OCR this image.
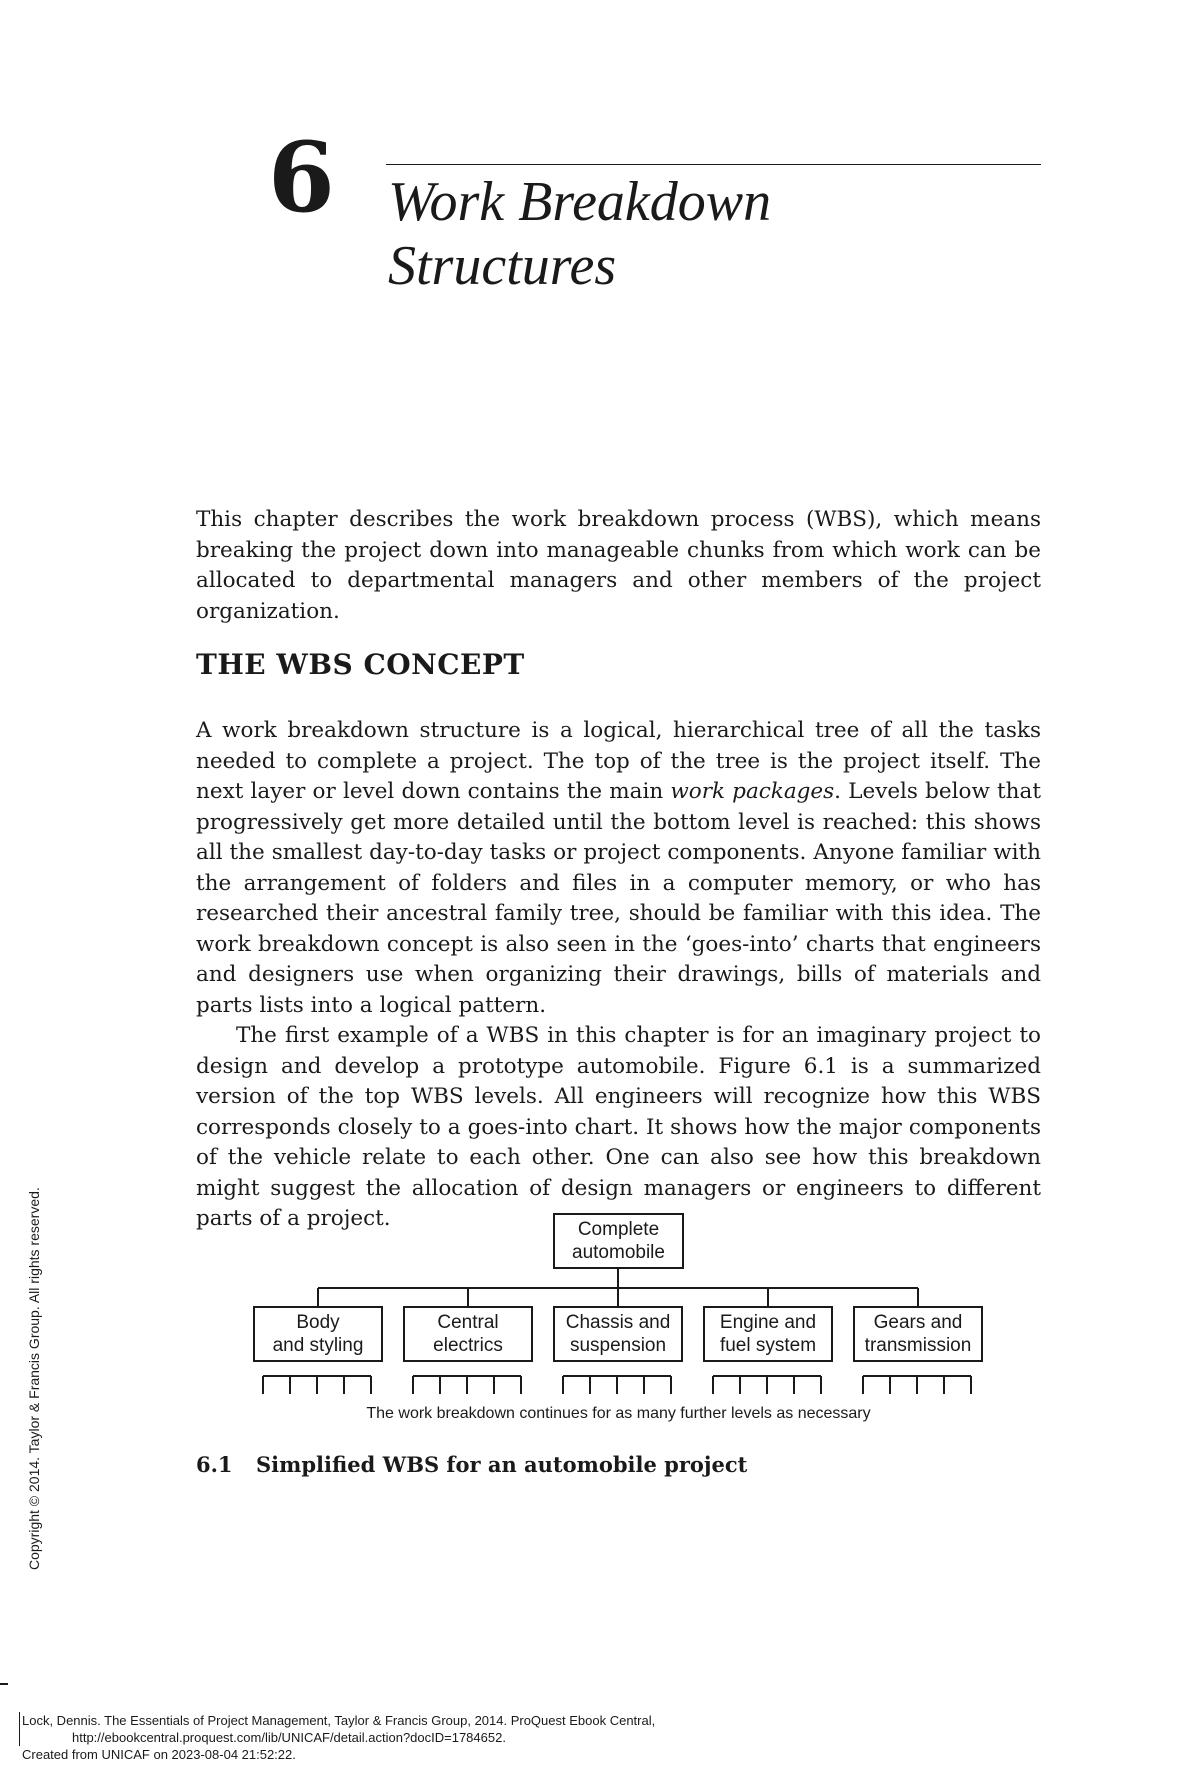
6 Work Breakdown
Structures

This chapter describes the work breakdown process (WBS), which means breaking the project down into manageable chunks from which work can be allocated to departmental managers and other members of the project organization.

THE WBS CONCEPT

A work breakdown structure is a logical, hierarchical tree of all the tasks needed to complete a project. The top of the tree is the project itself. The next layer or level down contains the main work packages. Levels below that progressively get more detailed until the bottom level is reached: this shows all the smallest day-to-day tasks or project components. Anyone familiar with the arrangement of folders and files in a computer memory, or who has researched their ancestral family tree, should be familiar with this idea. The work breakdown concept is also seen in the ‘goes-into’ charts that engineers and designers use when organizing their drawings, bills of materials and parts lists into a logical pattern.

The first example of a WBS in this chapter is for an imaginary project to design and develop a prototype automobile. Figure 6.1 is a summarized version of the top WBS levels. All engineers will recognize how this WBS corresponds closely to a goes-into chart. It shows how the major components of the vehicle relate to each other. One can also see how this breakdown might suggest the allocation of design managers or engineers to different parts of a project.	Complete
automobile
Body
and styling
Central
electrics
Chassis and
suspension
Engine and
fuel system
Gears and
transmission
The work breakdown continues for as many further levels as necessary

6.1 Simplified WBS for an automobile project

Copyright © 2014. Taylor & Francis Group. All rights reserved.
Lock, Dennis. The Essentials of Project Management, Taylor & Francis Group, 2014. ProQuest Ebook Central,
http://ebookcentral.proquest.com/lib/UNICAF/detail.action?docID=1784652.
Created from UNICAF on 2023-08-04 21:52:22.
